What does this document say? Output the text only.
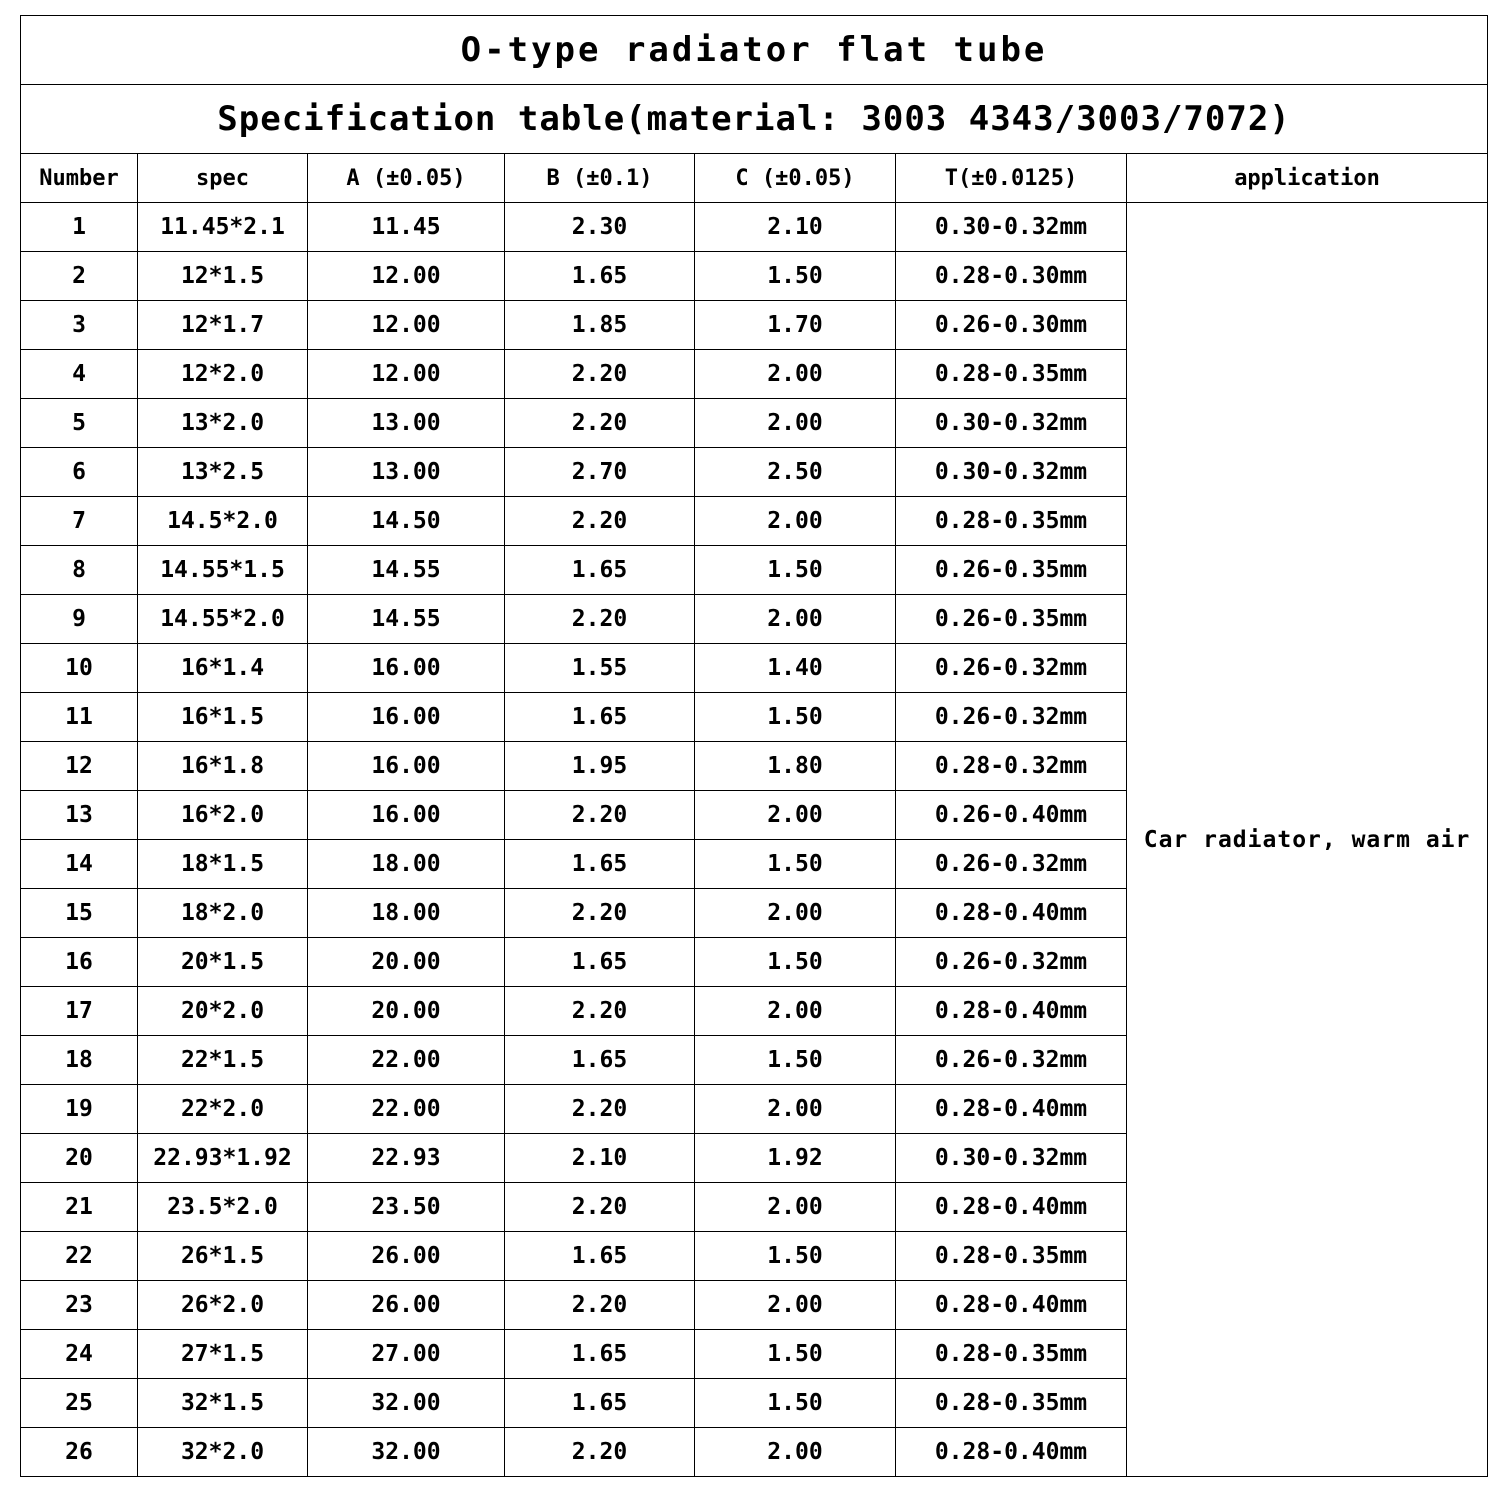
O-type radiator flat tube						
Specification table(material: 3003 4343/3003/7072)						
Number	spec	A (±0.05)	B (±0.1)	C (±0.05)	T(±0.0125)	application
1	11.45*2.1	11.45	2.30	2.10	0.30-0.32mm	Car radiator, warm air
2	12*1.5	12.00	1.65	1.50	0.28-0.30mm	
3	12*1.7	12.00	1.85	1.70	0.26-0.30mm	
4	12*2.0	12.00	2.20	2.00	0.28-0.35mm	
5	13*2.0	13.00	2.20	2.00	0.30-0.32mm	
6	13*2.5	13.00	2.70	2.50	0.30-0.32mm	
7	14.5*2.0	14.50	2.20	2.00	0.28-0.35mm	
8	14.55*1.5	14.55	1.65	1.50	0.26-0.35mm	
9	14.55*2.0	14.55	2.20	2.00	0.26-0.35mm	
10	16*1.4	16.00	1.55	1.40	0.26-0.32mm	
11	16*1.5	16.00	1.65	1.50	0.26-0.32mm	
12	16*1.8	16.00	1.95	1.80	0.28-0.32mm	
13	16*2.0	16.00	2.20	2.00	0.26-0.40mm	
14	18*1.5	18.00	1.65	1.50	0.26-0.32mm	
15	18*2.0	18.00	2.20	2.00	0.28-0.40mm	
16	20*1.5	20.00	1.65	1.50	0.26-0.32mm	
17	20*2.0	20.00	2.20	2.00	0.28-0.40mm	
18	22*1.5	22.00	1.65	1.50	0.26-0.32mm	
19	22*2.0	22.00	2.20	2.00	0.28-0.40mm	
20	22.93*1.92	22.93	2.10	1.92	0.30-0.32mm	
21	23.5*2.0	23.50	2.20	2.00	0.28-0.40mm	
22	26*1.5	26.00	1.65	1.50	0.28-0.35mm	
23	26*2.0	26.00	2.20	2.00	0.28-0.40mm	
24	27*1.5	27.00	1.65	1.50	0.28-0.35mm	
25	32*1.5	32.00	1.65	1.50	0.28-0.35mm	
26	32*2.0	32.00	2.20	2.00	0.28-0.40mm	
